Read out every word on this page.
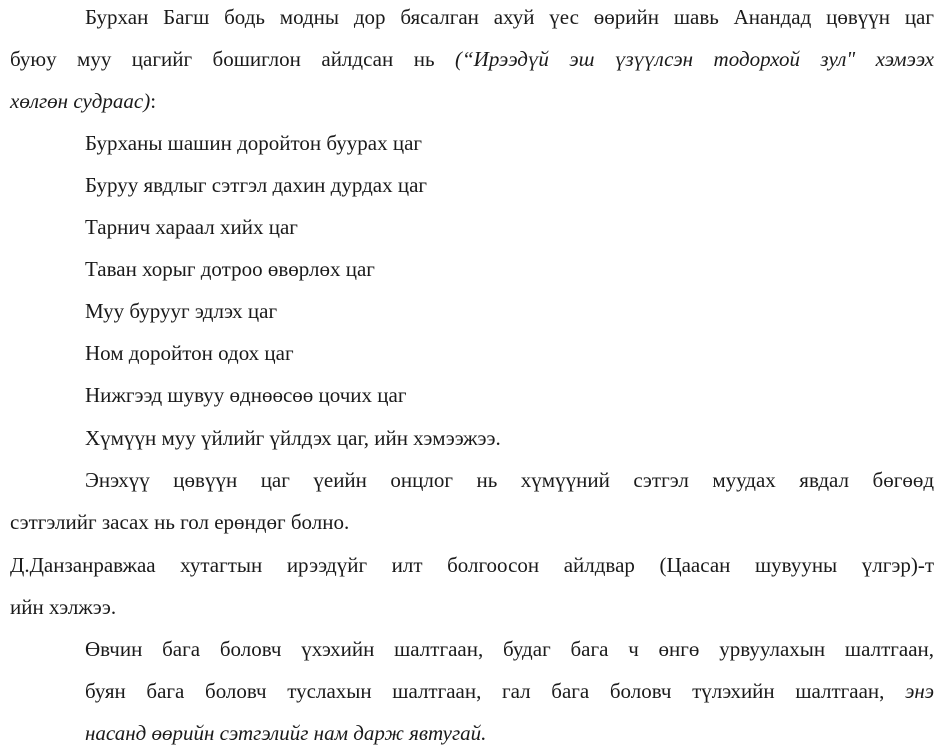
Бурхан Багш бодь модны дор бясалган ахуй үес өөрийн шавь Анандад цөвүүн цаг
буюу муу цагийг бошиглон айлдсан нь (“Ирээдүй эш үзүүлсэн тодорхой зул" хэмээх
хөлгөн судраас):
Бурханы шашин доройтон буурах цаг
Буруу явдлыг сэтгэл дахин дурдах цаг
Тарнич хараал хийх цаг
Таван хорыг дотроо өвөрлөх цаг
Муу бурууг эдлэх цаг
Ном доройтон одох цаг
Нижгээд шувуу өднөөсөө цочих цаг
Хүмүүн муу үйлийг үйлдэх цаг, ийн хэмээжээ.
Энэхүү цөвүүн цаг үеийн онцлог нь хүмүүний сэтгэл муудах явдал бөгөөд
сэтгэлийг засах нь гол ерөндөг болно.
Д.Данзанравжаа хутагтын ирээдүйг илт болгоосон айлдвар (Цаасан шувууны үлгэр)-т
ийн хэлжээ.
Өвчин бага боловч үхэхийн шалтгаан, будаг бага ч өнгө урвуулахын шалтгаан,
буян бага боловч туслахын шалтгаан, гал бага боловч түлэхийн шалтгаан, энэ
насанд өөрийн сэтгэлийг нам дарж явтугай.
